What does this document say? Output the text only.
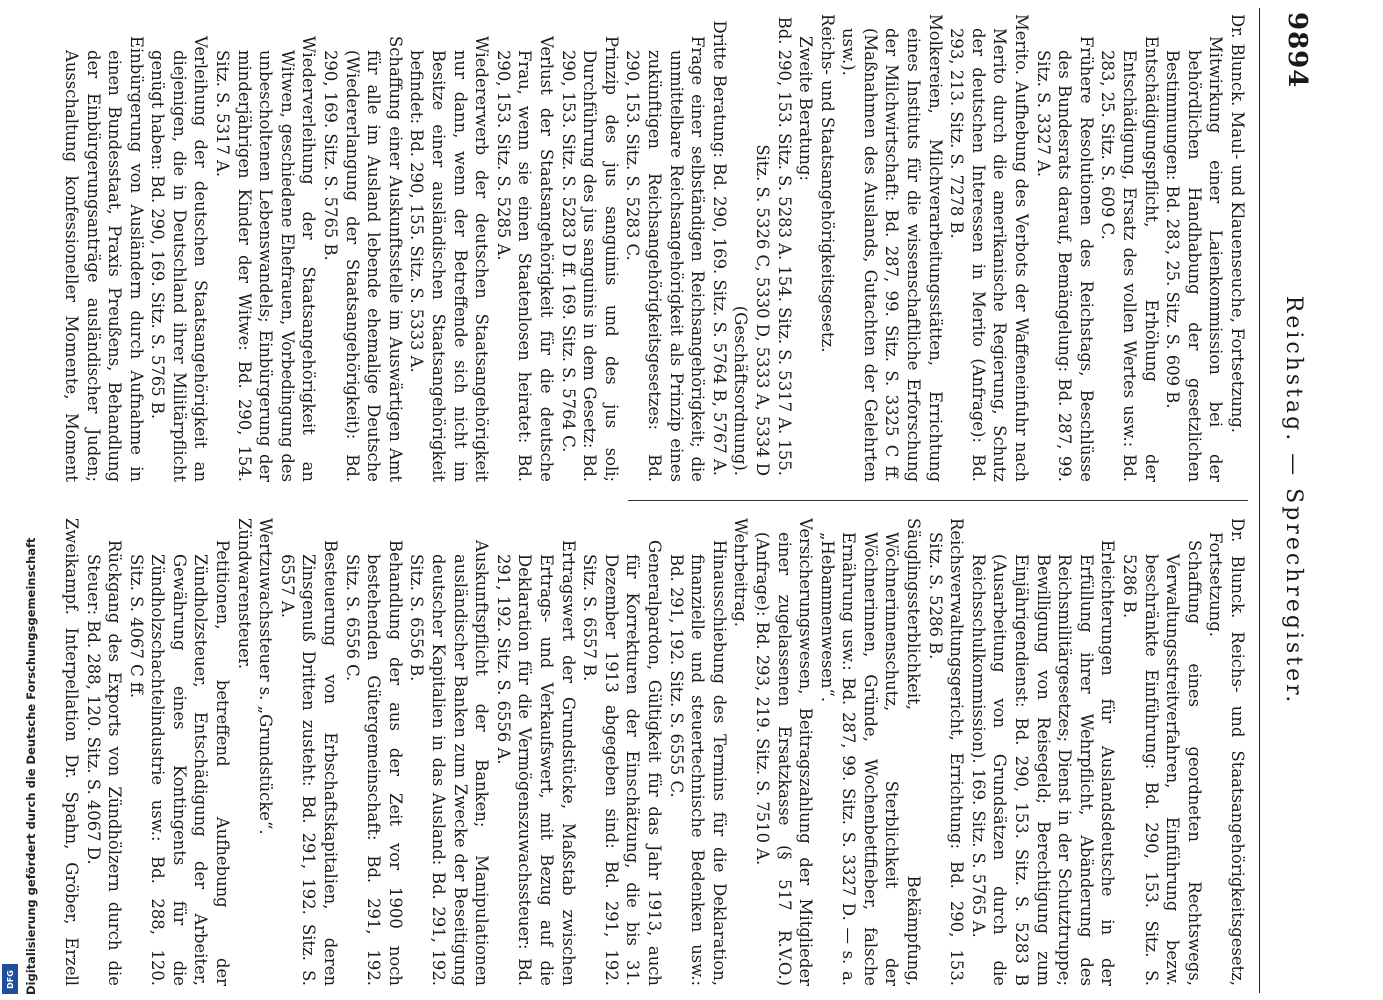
9894
Reichstag. — Sprechregister.

Dr. Blunck. Maul- und Klauenseuche, Fortsetzung.

Mitwirkung einer Laienkommission bei der behördlichen Handhabung der gesetzlichen Bestimmungen: Bd. 283, 25. Sitz. S. 609 B.

Entschädigungspflicht, Erhöhung der Entschädigung, Ersatz des vollen Wertes usw.: Bd. 283, 25. Sitz. S. 609 C.

Frühere Resolutionen des Reichstags, Beschlüsse des Bundesrats darauf, Bemängelung: Bd. 287, 99. Sitz. S. 3327 A.

Merito. Aufhebung des Verbots der Waffeneinfuhr nach Merito durch die amerikanische Regierung, Schutz der deutschen Interessen in Merito (Anfrage): Bd. 293, 213. Sitz. S. 7278 B.

Molkereien, Milchverarbeitungsstätten, Errichtung eines Instituts für die wissenschaftliche Erforschung der Milchwirtschaft: Bd. 287, 99. Sitz. S. 3325 C ff. (Maßnahmen des Auslands, Gutachten der Gelehrten usw.).

Reichs- und Staatsangehörigkeitsgesetz.

Zweite Beratung:

Bd. 290, 153. Sitz. S. 5283 A. 154. Sitz. S. 5317 A. 155. Sitz. S. 5326 C, 5330 D, 5333 A, 5334 D (Geschäftsordnung).

Dritte Beratung: Bd. 290, 169. Sitz. S. 5764 B, 5767 A.

Frage einer selbständigen Reichsangehörigkeit; die unmittelbare Reichsangehörigkeit als Prinzip eines zukünftigen Reichsangehörigkeitsgesetzes: Bd. 290, 153. Sitz. S. 5283 C.

Prinzip des jus sanguinis und des jus soli; Durchführung des jus sanguinis in dem Gesetz: Bd. 290, 153. Sitz. S. 5283 D ff. 169. Sitz. S. 5764 C.

Verlust der Staatsangehörigkeit für die deutsche Frau, wenn sie einen Staatenlosen heiratet: Bd. 290, 153. Sitz. S. 5285 A.

Wiedererwerb der deutschen Staatsangehörigkeit nur dann, wenn der Betreffende sich nicht im Besitze einer ausländischen Staatsangehörigkeit befindet: Bd. 290, 155. Sitz. S. 5333 A.

Schaffung einer Auskunftsstelle im Auswärtigen Amt für alle im Ausland lebende ehemalige Deutsche (Wiedererlangung der Staatsangehörigkeit): Bd. 290, 169. Sitz. S. 5765 B.

Wiederverleihung der Staatsangehörigkeit an Witwen, geschiedene Ehefrauen, Vorbedingung des unbescholtenen Lebenswandels; Einbürgerung der minderjährigen Kinder der Witwe: Bd. 290, 154. Sitz. S. 5317 A.

Verleihung der deutschen Staatsangehörigkeit an diejenigen, die in Deutschland ihrer Militärpflicht genügt haben: Bd. 290, 169. Sitz. S. 5765 B.

Einbürgerung von Ausländern durch Aufnahme in einen Bundesstaat, Praxis Preußens, Behandlung der Einbürgerungsanträge ausländischer Juden; Ausschaltung konfessioneller Momente, Moment

Dr. Blunck. Reichs- und Staatsangehörigkeitsgesetz, Fortsetzung.

Schaffung eines geordneten Rechtswegs, Verwaltungsstreitverfahren, Einführung bezw. beschränkte Einführung: Bd. 290, 153. Sitz. S. 5286 B.

Erleichterungen für Auslandsdeutsche in der Erfüllung ihrer Wehrpflicht, Abänderung des Reichsmilitärgesetzes; Dienst in der Schutztruppe; Bewilligung von Reisegeld; Berechtigung zum Einjährigendienst: Bd. 290, 153. Sitz. S. 5283 B (Ausarbeitung von Grundsätzen durch die Reichsschulkommission). 169. Sitz. S. 5765 A.

Reichsverwaltungsgericht, Errichtung: Bd. 290, 153. Sitz. S. 5286 B.

Säuglingssterblichkeit, Bekämpfung, Wöchnerinnenschutz, Sterblichkeit der Wöchnerinnen, Gründe, Wochenbettfieber, falsche Ernährung usw.: Bd. 287, 99. Sitz. S. 3327 D. — s. a. „Hebammenwesen“.

Versicherungswesen, Beitragszahlung der Mitglieder einer zugelassenen Ersatzkasse (§ 517 R.V.O.) (Anfrage): Bd. 293, 219. Sitz. S. 7510 A.

Wehrbeitrag.

Hinausschiebung des Termins für die Deklaration, finanzielle und steuertechnische Bedenken usw.: Bd. 291, 192. Sitz. S. 6555 C.

Generalpardon, Gültigkeit für das Jahr 1913, auch für Korrekturen der Einschätzung, die bis 31. Dezember 1913 abgegeben sind: Bd. 291, 192. Sitz. S. 6557 B.

Ertragswert der Grundstücke, Maßstab zwischen Ertrags- und Verkaufswert, mit Bezug auf die Deklaration für die Vermögenszuwachssteuer: Bd. 291, 192. Sitz. S. 6556 A.

Auskunftspflicht der Banken; Manipulationen ausländischer Banken zum Zwecke der Beseitigung deutscher Kapitalien in das Ausland: Bd. 291, 192. Sitz. S. 6556 B.

Behandlung der aus der Zeit vor 1900 noch bestehenden Gütergemeinschaft: Bd. 291, 192. Sitz. S. 6556 C.

Besteuerung von Erbschaftskapitalien, deren Zinsgenuß Dritten zusteht: Bd. 291, 192. Sitz. S. 6557 A.

Wertzuwachssteuer s. „Grundstücke“.

Zündwarensteuer.

Petitionen, betreffend Aufhebung der Zündholzsteuer, Entschädigung der Arbeiter, Gewährung eines Kontingents für die Zündholzschachtelindustrie usw.: Bd. 288, 120. Sitz. S. 4067 C ff.

Rückgang des Exports von Zündhölzern durch die Steuer: Bd. 288, 120. Sitz. S. 4067 D.

Zweikampf. Interpellation Dr. Spahn, Gröber, Erzell

Digitalisierung gefördert durch die Deutsche Forschungsgemeinschaft
DFG
